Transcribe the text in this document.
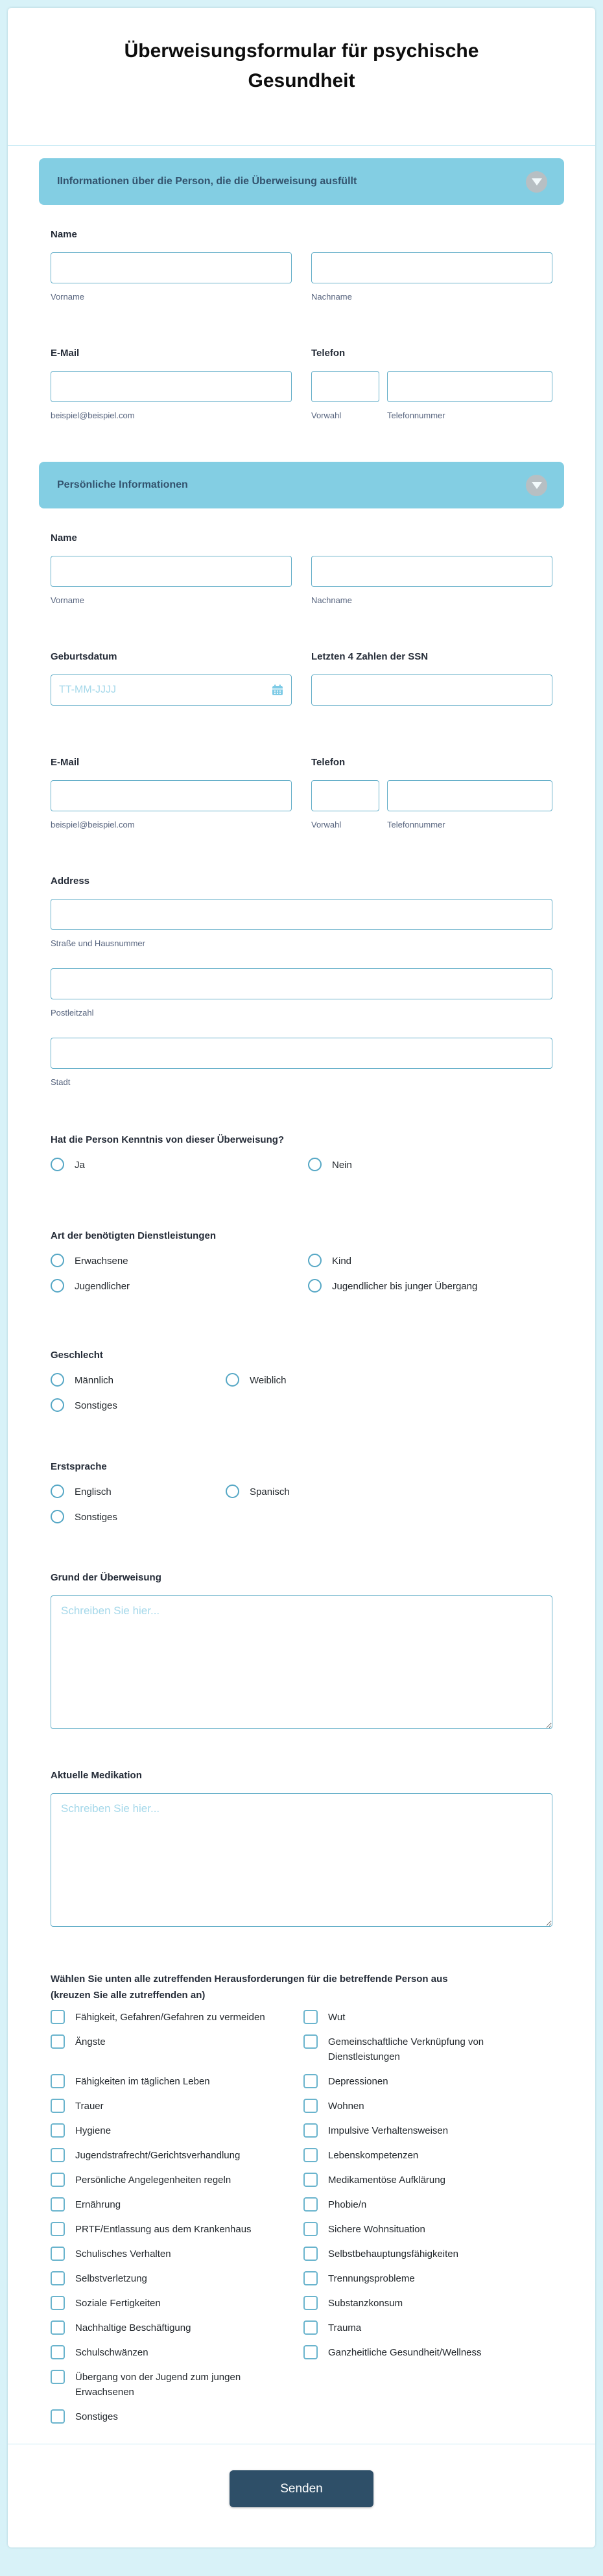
Überweisungsformular für psychische Gesundheit
IInformationen über die Person, die die Überweisung ausfüllt
Name
Vorname	Nachname
E-Mail
beispiel@beispiel.com
Telefon
Vorwahl	Telefonnummer
Persönliche Informationen
Name
Vorname	Nachname
Geburtsdatum
TT-MM-JJJJ	Letzten 4 Zahlen der SSN
E-Mail
beispiel@beispiel.com
Telefon
Vorwahl	Telefonnummer
Address
Straße und Hausnummer
Postleitzahl
Stadt
Hat die Person Kenntnis von dieser Überweisung?
Ja	Nein
Art der benötigten Dienstleistungen
Erwachsene	Kind
Jugendlicher	Jugendlicher bis junger Übergang
Geschlecht
Männlich	Weiblich
Sonstiges
Erstsprache
Englisch	Spanisch
Sonstiges
Grund der Überweisung
Schreiben Sie hier...
Aktuelle Medikation
Schreiben Sie hier...
Wählen Sie unten alle zutreffenden Herausforderungen für die betreffende Person aus (kreuzen Sie alle zutreffenden an)
Fähigkeit, Gefahren/Gefahren zu vermeiden	Wut
Ängste	Gemeinschaftliche Verknüpfung von Dienstleistungen
Fähigkeiten im täglichen Leben	Depressionen
Trauer	Wohnen
Hygiene	Impulsive Verhaltensweisen
Jugendstrafrecht/Gerichtsverhandlung	Lebenskompetenzen
Persönliche Angelegenheiten regeln	Medikamentöse Aufklärung
Ernährung	Phobie/n
PRTF/Entlassung aus dem Krankenhaus	Sichere Wohnsituation
Schulisches Verhalten	Selbstbehauptungsfähigkeiten
Selbstverletzung	Trennungsprobleme
Soziale Fertigkeiten	Substanzkonsum
Nachhaltige Beschäftigung	Trauma
Schulschwänzen	Ganzheitliche Gesundheit/Wellness
Übergang von der Jugend zum jungen Erwachsenen
Sonstiges
Senden
